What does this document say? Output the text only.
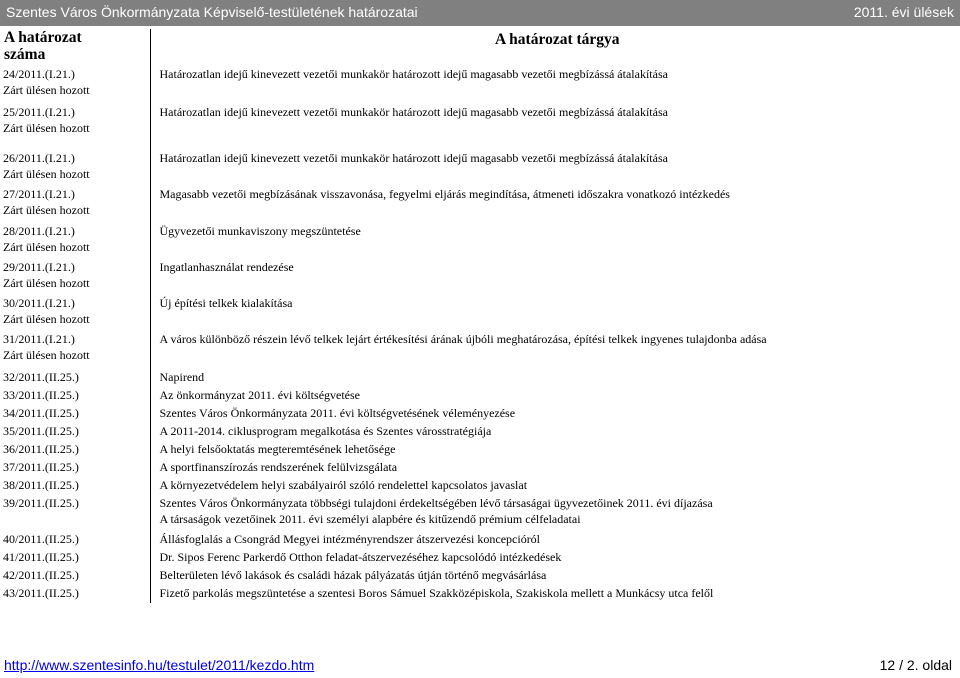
Szentes Város Önkormányzata Képviselő-testületének határozatai	2011. évi ülések
A határozat
száma	A határozat tárgya

24/2011.(I.21.)
Zárt ülésen hozott	Határozatlan idejű kinevezett vezetői munkakör határozott idejű magasabb vezetői megbízássá átalakítása

25/2011.(I.21.)
Zárt ülésen hozott	Határozatlan idejű kinevezett vezetői munkakör határozott idejű magasabb vezetői megbízássá átalakítása

26/2011.(I.21.)
Zárt ülésen hozott	Határozatlan idejű kinevezett vezetői munkakör határozott idejű magasabb vezetői megbízássá átalakítása

27/2011.(I.21.)
Zárt ülésen hozott	Magasabb vezetői megbízásának visszavonása, fegyelmi eljárás megindítása, átmeneti időszakra vonatkozó intézkedés

28/2011.(I.21.)
Zárt ülésen hozott	Ügyvezetői munkaviszony megszüntetése

29/2011.(I.21.)
Zárt ülésen hozott	Ingatlanhasználat rendezése

30/2011.(I.21.)
Zárt ülésen hozott	Új építési telkek kialakítása

31/2011.(I.21.)
Zárt ülésen hozott	A város különböző részein lévő telkek lejárt értékesítési árának újbóli meghatározása, építési telkek ingyenes tulajdonba adása

32/2011.(II.25.)	Napirend

33/2011.(II.25.)	Az önkormányzat 2011. évi költségvetése

34/2011.(II.25.)	Szentes Város Önkormányzata 2011. évi költségvetésének véleményezése

35/2011.(II.25.)	A 2011-2014. ciklusprogram megalkotása és Szentes városstratégiája

36/2011.(II.25.)	A helyi felsőoktatás megteremtésének lehetősége

37/2011.(II.25.)	A sportfinanszírozás rendszerének felülvizsgálata

38/2011.(II.25.)	A környezetvédelem helyi szabályairól szóló rendelettel kapcsolatos javaslat

39/2011.(II.25.)	Szentes Város Önkormányzata többségi tulajdoni érdekeltségében lévő társaságai ügyvezetőinek 2011. évi díjazása
A társaságok vezetőinek 2011. évi személyi alapbére és kitűzendő prémium célfeladatai

40/2011.(II.25.)	Állásfoglalás a Csongrád Megyei intézményrendszer átszervezési koncepcióról

41/2011.(II.25.)	Dr. Sipos Ferenc Parkerdő Otthon feladat-átszervezéséhez kapcsolódó intézkedések

42/2011.(II.25.)	Belterületen lévő lakások és családi házak pályázatás útján történő megvásárlása

43/2011.(II.25.)	Fizető parkolás megszüntetése a szentesi Boros Sámuel Szakközépiskola, Szakiskola mellett a Munkácsy utca felől
http://www.szentesinfo.hu/testulet/2011/kezdo.htm	12 / 2. oldal
